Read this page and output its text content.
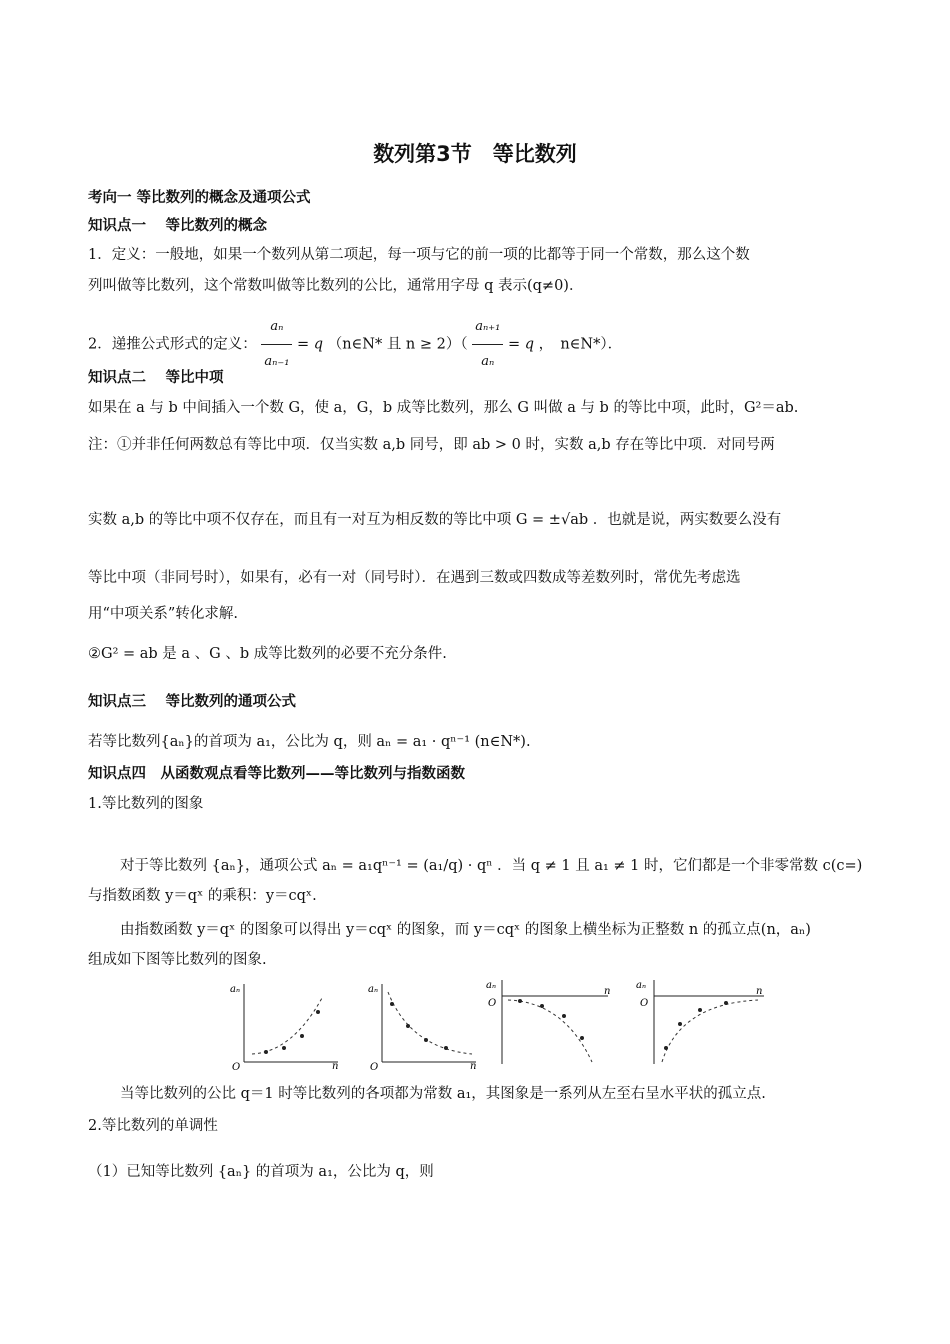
数列第3节　等比数列
考向一 等比数列的概念及通项公式
知识点一　 等比数列的概念
1．定义：一般地，如果一个数列从第二项起，每一项与它的前一项的比都等于同一个常数，那么这个数
列叫做等比数列，这个常数叫做等比数列的公比，通常用字母 q 表示(q≠0)．
2．递推公式形式的定义： $\frac{\text{aₙ}}{\text{aₙ₋₁}} = q$ （n∈N* 且 $n \ge 2)( \frac{\text{aₙ₊₁}}{\text{aₙ}} = q$ ，　n∈N*）．
知识点二　 等比中项
如果在 a 与 b 中间插入一个数 G，使 a，G，b 成等比数列，那么 G 叫做 a 与 b 的等比中项，此时，G²＝ab.
注：①并非任何两数总有等比中项．仅当实数 a,b 同号，即 ab > 0 时，实数 a,b 存在等比中项．对同号两
实数 a,b 的等比中项不仅存在，而且有一对互为相反数的等比中项 G = ±√ab ．也就是说，两实数要么没有
等比中项（非同号时），如果有，必有一对（同号时）．在遇到三数或四数成等差数列时，常优先考虑选
用“中项关系”转化求解.
②G² = ab 是 a 、G 、b 成等比数列的必要不充分条件.
知识点三　 等比数列的通项公式
若等比数列{aₙ}的首项为 a₁，公比为 q，则 aₙ = a₁ · qⁿ⁻¹ (n∈N*).
知识点四　从函数观点看等比数列——等比数列与指数函数
1.等比数列的图象
对于等比数列 {aₙ}，通项公式 aₙ = a₁qⁿ⁻¹ = (a₁/q) · qⁿ ．当 q ≠ 1 且 a₁ ≠ 1 时，它们都是一个非零常数 c(c=)
与指数函数 y＝qˣ 的乘积：y＝cqˣ.
由指数函数 y＝qˣ 的图象可以得出 y＝cqˣ 的图象，而 y＝cqˣ 的图象上横坐标为正整数 n 的孤立点(n，aₙ)
组成如下图等比数列的图象.
aₙ
n
O
aₙ
n
O
aₙ
n
O
aₙ
n
O
当等比数列的公比 q＝1 时等比数列的各项都为常数 a₁，其图象是一系列从左至右呈水平状的孤立点.
2.等比数列的单调性
（1）已知等比数列 {aₙ} 的首项为 a₁，公比为 q，则
